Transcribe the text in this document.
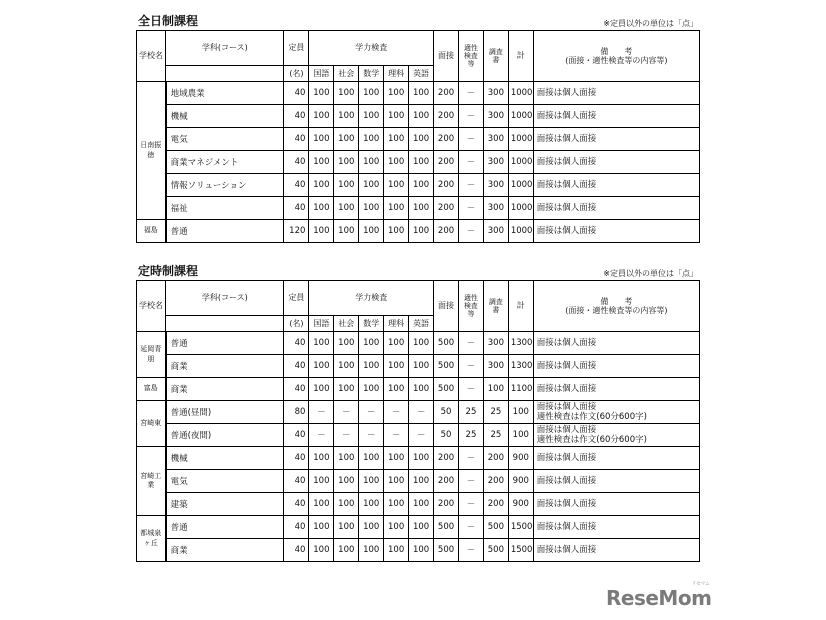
全日制課程	※定員以外の単位は「点」
学校名	学科(コース)	定員	学力検査					面接	適性検査等	調査書	計	備　　考
(面接・適性検査等の内容等)

		(名)	国語	社会	数学	理科	英語					
日南振徳	地域農業	40	100	100	100	100	100	200	－	300	1000	面接は個人面接

	機械	40	100	100	100	100	100	200	－	300	1000	面接は個人面接

	電気	40	100	100	100	100	100	200	－	300	1000	面接は個人面接

	商業マネジメント	40	100	100	100	100	100	200	－	300	1000	面接は個人面接

	情報ソリューション	40	100	100	100	100	100	200	－	300	1000	面接は個人面接

	福祉	40	100	100	100	100	100	200	－	300	1000	面接は個人面接

福島	普通	120	100	100	100	100	100	200	－	300	1000	面接は個人面接
定時制課程	※定員以外の単位は「点」
学校名	学科(コース)	定員	学力検査					面接	適性検査等	調査書	計	備　　考
(面接・適性検査等の内容等)

		(名)	国語	社会	数学	理科	英語					
延岡青朋	普通	40	100	100	100	100	100	500	－	300	1300	面接は個人面接

	商業	40	100	100	100	100	100	500	－	300	1300	面接は個人面接

富島	商業	40	100	100	100	100	100	500	－	100	1100	面接は個人面接

宮崎東	普通(昼間)	80	－	－	－	－	－	50	25	25	100	面接は個人面接
適性検査は作文(60分600字)

	普通(夜間)	40	－	－	－	－	－	50	25	25	100	面接は個人面接
適性検査は作文(60分600字)

宮崎工業	機械	40	100	100	100	100	100	200	－	200	900	面接は個人面接

	電気	40	100	100	100	100	100	200	－	200	900	面接は個人面接

	建築	40	100	100	100	100	100	200	－	200	900	面接は個人面接

都城泉ヶ丘	普通	40	100	100	100	100	100	500	－	500	1500	面接は個人面接

	商業	40	100	100	100	100	100	500	－	500	1500	面接は個人面接
ReseMom
リセマム
